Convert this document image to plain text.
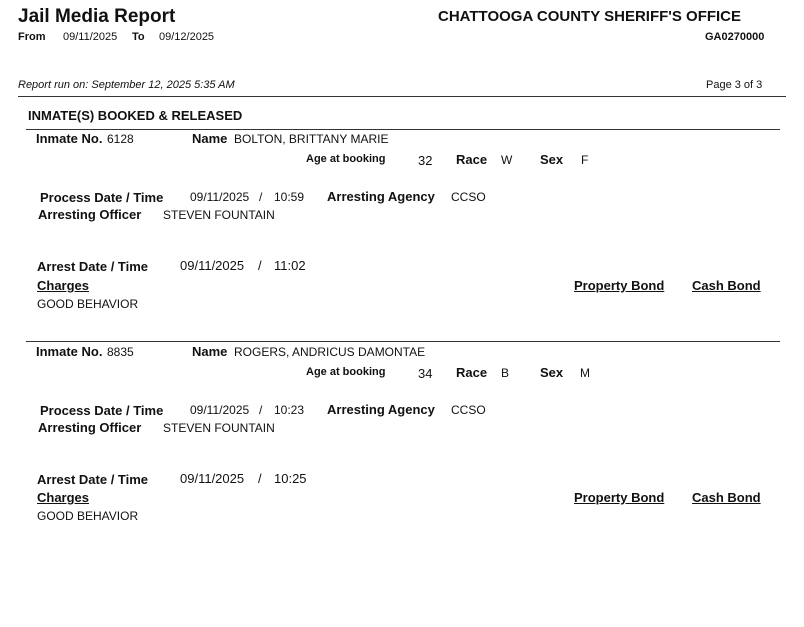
Jail Media Report	CHATTOOGA COUNTY SHERIFF'S OFFICE
From 09/11/2025 To 09/12/2025	GA0270000
Report run on: September 12, 2025 5:35 AM	Page 3 of 3
INMATE(S) BOOKED & RELEASED
Inmate No. 6128	Name BOLTON, BRITTANY MARIE
Age at booking	32 Race W Sex F
Process Date / Time 09/11/2025 / 10:59 Arresting Agency CCSO
Arresting Officer STEVEN FOUNTAIN
Arrest Date / Time 09/11/2025 / 11:02
Charges	Property Bond Cash Bond
GOOD BEHAVIOR
Inmate No. 8835	Name ROGERS, ANDRICUS DAMONTAE
Age at booking	34 Race B Sex M
Process Date / Time 09/11/2025 / 10:23 Arresting Agency CCSO
Arresting Officer STEVEN FOUNTAIN
Arrest Date / Time 09/11/2025 / 10:25
Charges	Property Bond Cash Bond
GOOD BEHAVIOR
